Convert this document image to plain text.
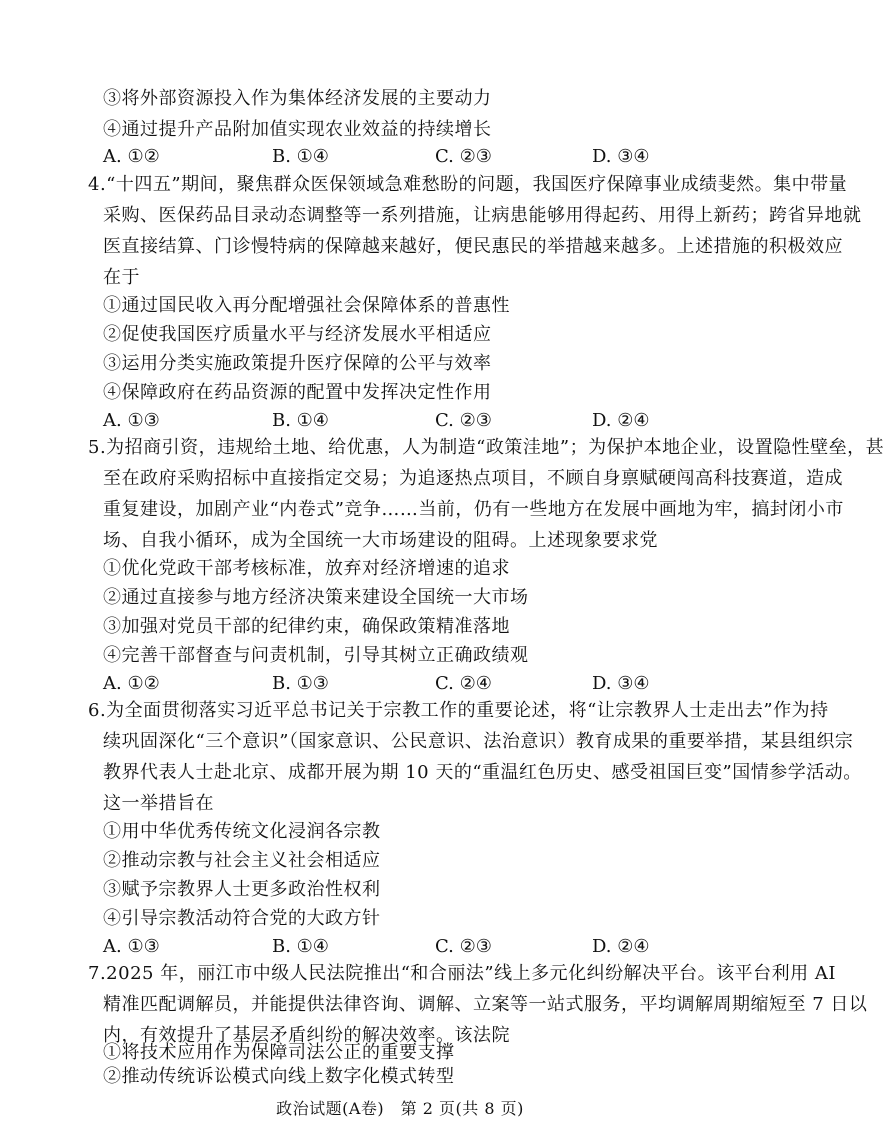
③将外部资源投入作为集体经济发展的主要动力
④通过提升产品附加值实现农业效益的持续增长
A. ①②	B. ①④	C. ②③	D. ③④
4.“十四五”期间，聚焦群众医保领域急难愁盼的问题，我国医疗保障事业成绩斐然。集中带量
采购、医保药品目录动态调整等一系列措施，让病患能够用得起药、用得上新药；跨省异地就
医直接结算、门诊慢特病的保障越来越好，便民惠民的举措越来越多。上述措施的积极效应
在于
①通过国民收入再分配增强社会保障体系的普惠性
②促使我国医疗质量水平与经济发展水平相适应
③运用分类实施政策提升医疗保障的公平与效率
④保障政府在药品资源的配置中发挥决定性作用
A. ①③	B. ①④	C. ②③	D. ②④
5.为招商引资，违规给土地、给优惠，人为制造“政策洼地”；为保护本地企业，设置隐性壁垒，甚
至在政府采购招标中直接指定交易；为追逐热点项目，不顾自身禀赋硬闯高科技赛道，造成
重复建设，加剧产业“内卷式”竞争……当前，仍有一些地方在发展中画地为牢，搞封闭小市
场、自我小循环，成为全国统一大市场建设的阻碍。上述现象要求党
①优化党政干部考核标准，放弃对经济增速的追求
②通过直接参与地方经济决策来建设全国统一大市场
③加强对党员干部的纪律约束，确保政策精准落地
④完善干部督查与问责机制，引导其树立正确政绩观
A. ①②	B. ①③	C. ②④	D. ③④
6.为全面贯彻落实习近平总书记关于宗教工作的重要论述，将“让宗教界人士走出去”作为持
续巩固深化“三个意识”（国家意识、公民意识、法治意识）教育成果的重要举措，某县组织宗
教界代表人士赴北京、成都开展为期 10 天的“重温红色历史、感受祖国巨变”国情参学活动。
这一举措旨在
①用中华优秀传统文化浸润各宗教
②推动宗教与社会主义社会相适应
③赋予宗教界人士更多政治性权利
④引导宗教活动符合党的大政方针
A. ①③	B. ①④	C. ②③	D. ②④
7.2025 年，丽江市中级人民法院推出“和合丽法”线上多元化纠纷解决平台。该平台利用 AI
精准匹配调解员，并能提供法律咨询、调解、立案等一站式服务，平均调解周期缩短至 7 日以
内，有效提升了基层矛盾纠纷的解决效率。该法院
①将技术应用作为保障司法公正的重要支撑
政治试题(A卷)　第 2 页(共 8 页)
②推动传统诉讼模式向线上数字化模式转型
